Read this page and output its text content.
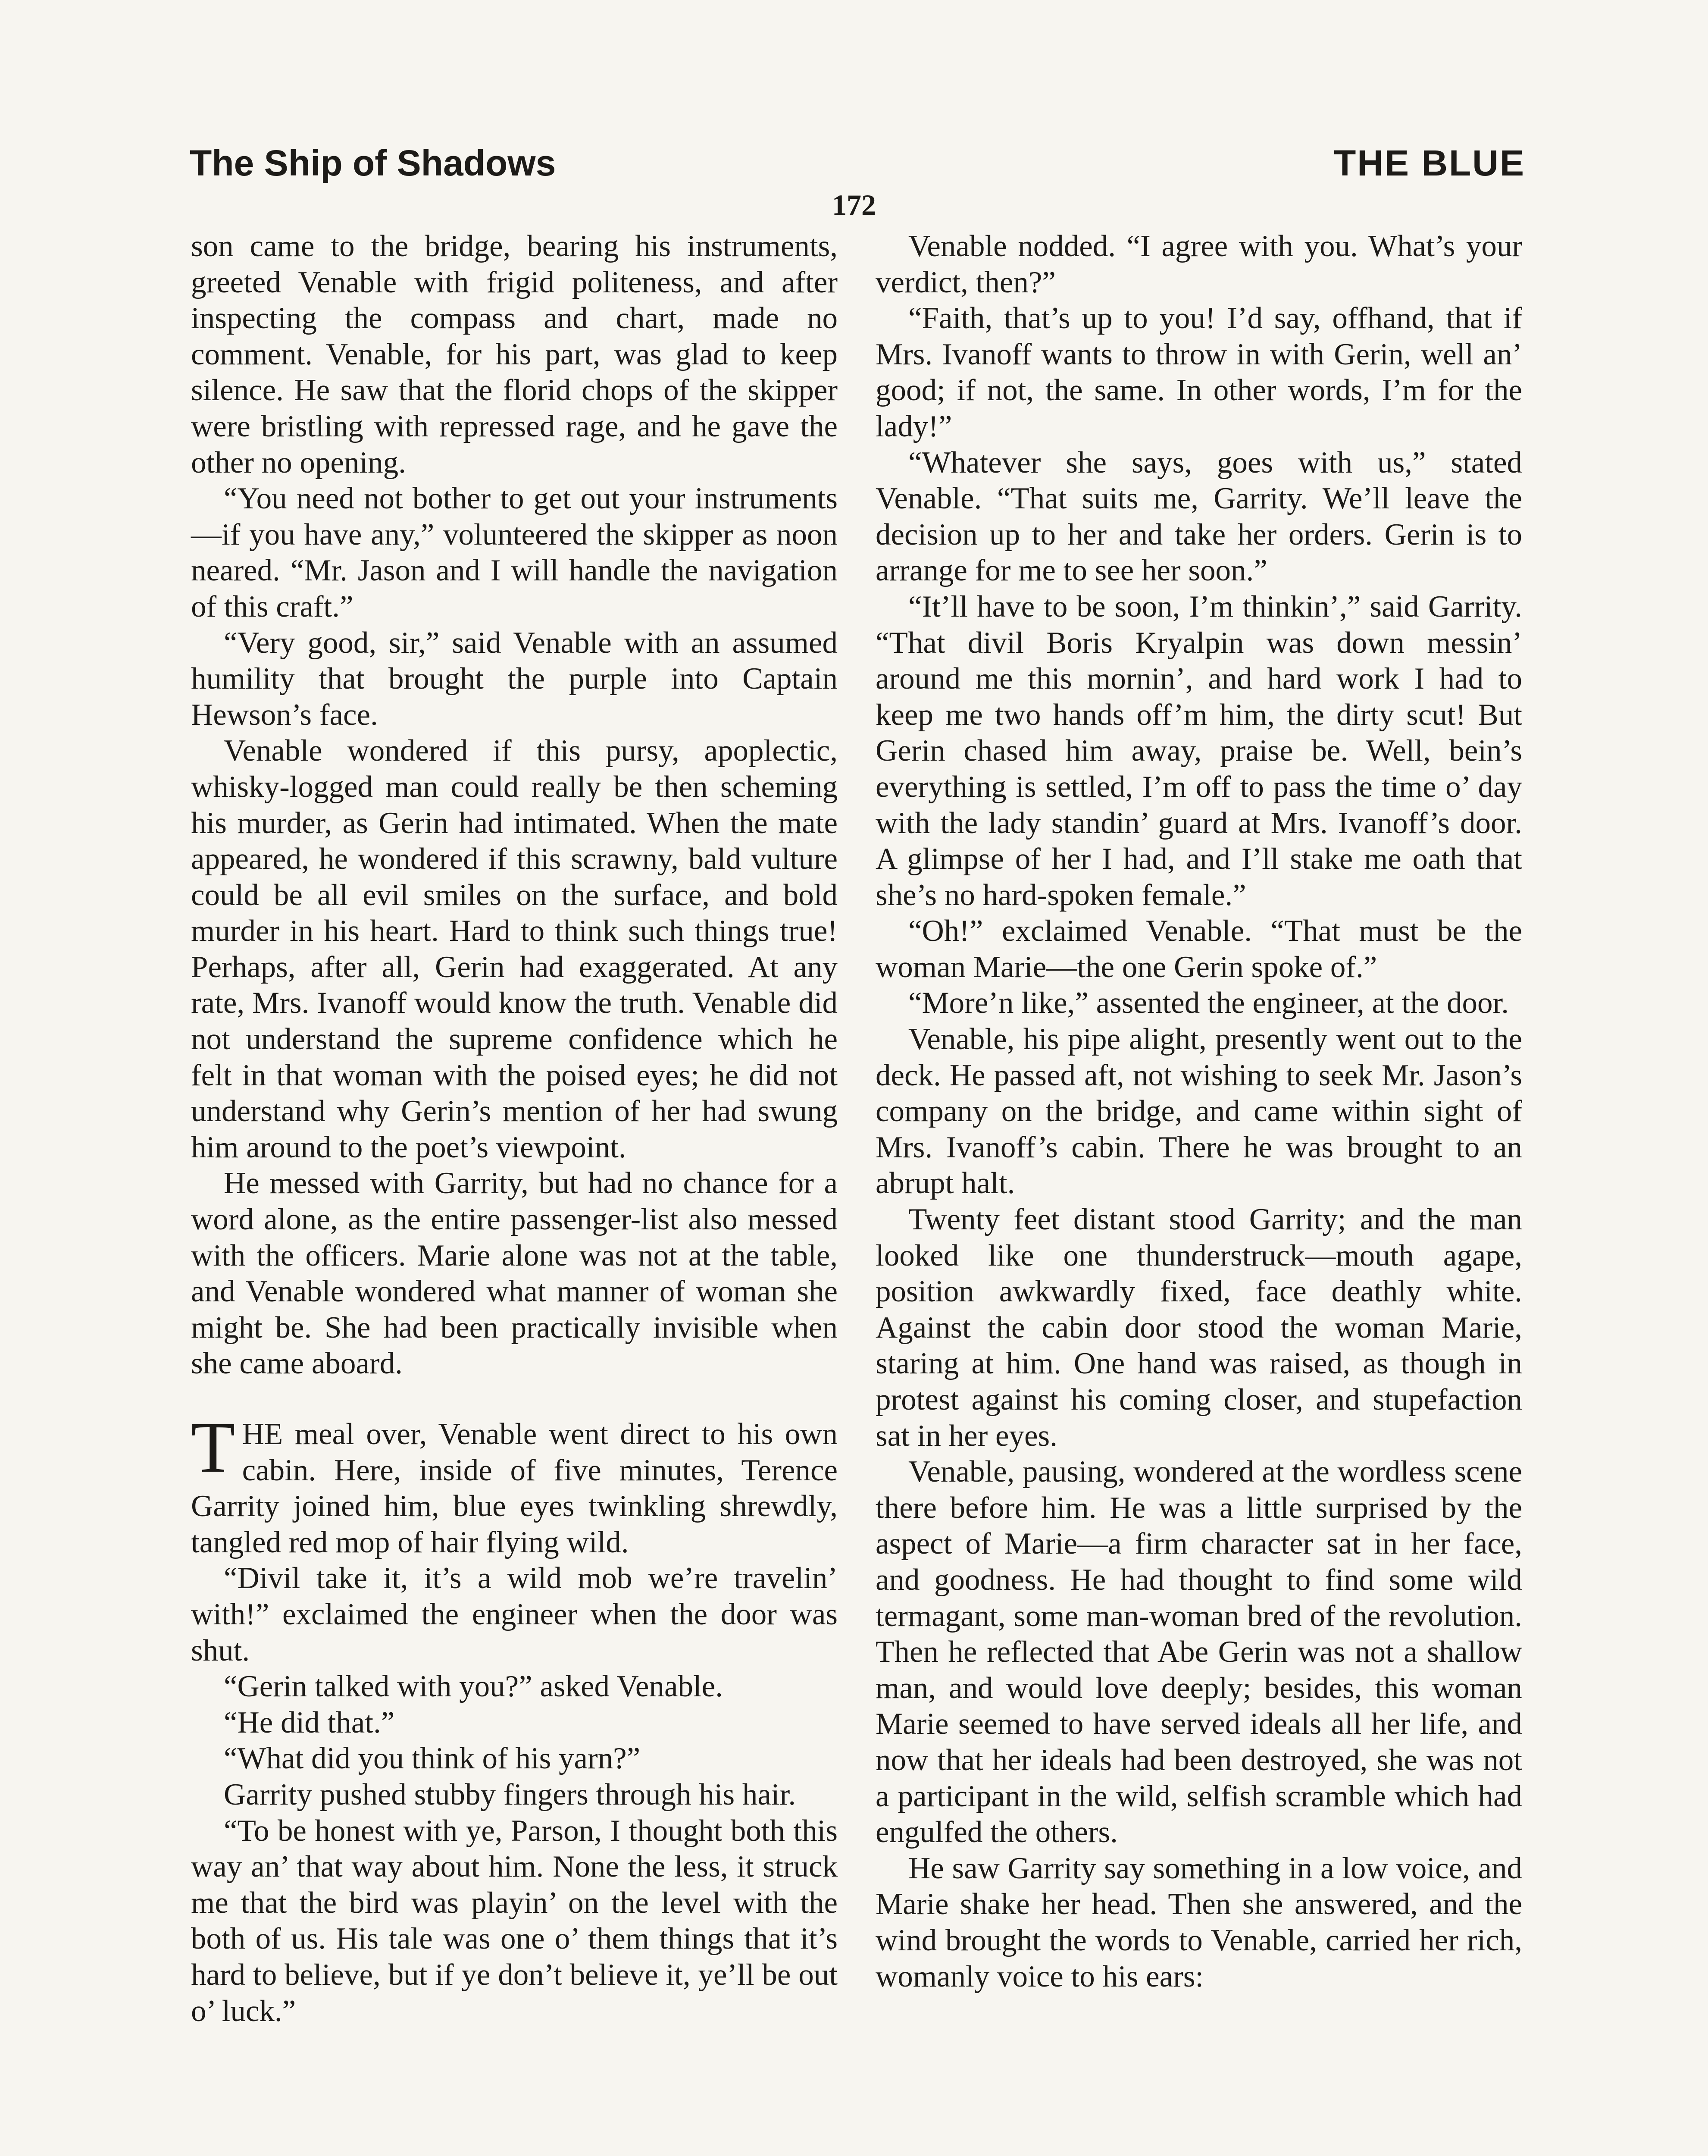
The Ship of Shadows	THE BLUE
172

son came to the bridge, bearing his instruments, greeted Venable with frigid politeness, and after inspecting the compass and chart, made no comment. Venable, for his part, was glad to keep silence. He saw that the florid chops of the skipper were bristling with repressed rage, and he gave the other no opening.

“You need not bother to get out your instruments—if you have any,” volunteered the skipper as noon neared. “Mr. Jason and I will handle the navigation of this craft.”

“Very good, sir,” said Venable with an assumed humility that brought the purple into Captain Hewson’s face.

Venable wondered if this pursy, apoplectic, whisky-logged man could really be then scheming his murder, as Gerin had intimated. When the mate appeared, he wondered if this scrawny, bald vulture could be all evil smiles on the surface, and bold murder in his heart. Hard to think such things true! Perhaps, after all, Gerin had exaggerated. At any rate, Mrs. Ivanoff would know the truth. Venable did not understand the supreme confidence which he felt in that woman with the poised eyes; he did not understand why Gerin’s mention of her had swung him around to the poet’s viewpoint.

He messed with Garrity, but had no chance for a word alone, as the entire passenger-list also messed with the officers. Marie alone was not at the table, and Venable wondered what manner of woman she might be. She had been practically invisible when she came aboard.

THE meal over, Venable went direct to his own cabin. Here, inside of five minutes, Terence Garrity joined him, blue eyes twinkling shrewdly, tangled red mop of hair flying wild.

“Divil take it, it’s a wild mob we’re travelin’ with!” exclaimed the engineer when the door was shut.

“Gerin talked with you?” asked Venable.

“He did that.”

“What did you think of his yarn?”

Garrity pushed stubby fingers through his hair.

“To be honest with ye, Parson, I thought both this way an’ that way about him. None the less, it struck me that the bird was playin’ on the level with the both of us. His tale was one o’ them things that it’s hard to believe, but if ye don’t believe it, ye’ll be out o’ luck.”

Venable nodded. “I agree with you. What’s your verdict, then?”

“Faith, that’s up to you! I’d say, offhand, that if Mrs. Ivanoff wants to throw in with Gerin, well an’ good; if not, the same. In other words, I’m for the lady!”

“Whatever she says, goes with us,” stated Venable. “That suits me, Garrity. We’ll leave the decision up to her and take her orders. Gerin is to arrange for me to see her soon.”

“It’ll have to be soon, I’m thinkin’,” said Garrity. “That divil Boris Kryalpin was down messin’ around me this mornin’, and hard work I had to keep me two hands off’m him, the dirty scut! But Gerin chased him away, praise be. Well, bein’s everything is settled, I’m off to pass the time o’ day with the lady standin’ guard at Mrs. Ivanoff’s door. A glimpse of her I had, and I’ll stake me oath that she’s no hard-spoken female.”

“Oh!” exclaimed Venable. “That must be the woman Marie—the one Gerin spoke of.”

“More’n like,” assented the engineer, at the door.

Venable, his pipe alight, presently went out to the deck. He passed aft, not wishing to seek Mr. Jason’s company on the bridge, and came within sight of Mrs. Ivanoff’s cabin. There he was brought to an abrupt halt.

Twenty feet distant stood Garrity; and the man looked like one thunderstruck—mouth agape, position awkwardly fixed, face deathly white. Against the cabin door stood the woman Marie, staring at him. One hand was raised, as though in protest against his coming closer, and stupefaction sat in her eyes.

Venable, pausing, wondered at the wordless scene there before him. He was a little surprised by the aspect of Marie—a firm character sat in her face, and goodness. He had thought to find some wild termagant, some man-woman bred of the revolution. Then he reflected that Abe Gerin was not a shallow man, and would love deeply; besides, this woman Marie seemed to have served ideals all her life, and now that her ideals had been destroyed, she was not a participant in the wild, selfish scramble which had engulfed the others.

He saw Garrity say something in a low voice, and Marie shake her head. Then she answered, and the wind brought the words to Venable, carried her rich, womanly voice to his ears:
